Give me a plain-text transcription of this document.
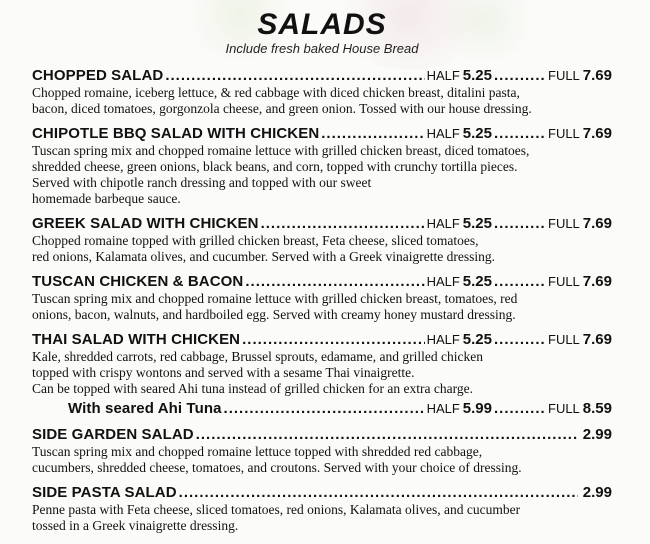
SALADS
Include fresh baked House Bread
CHOPPED SALAD .....	HALF 5.25 .....	FULL 7.69
Chopped romaine, iceberg lettuce, & red cabbage with diced chicken breast, ditalini pasta,
bacon, diced tomatoes, gorgonzola cheese, and green onion. Tossed with our house dressing.
CHIPOTLE BBQ SALAD WITH CHICKEN .....	HALF 5.25 .....	FULL 7.69
Tuscan spring mix and chopped romaine lettuce with grilled chicken breast, diced tomatoes,
shredded cheese, green onions, black beans, and corn, topped with crunchy tortilla pieces.
Served with chipotle ranch dressing and topped with our sweet
homemade barbeque sauce.
GREEK SALAD WITH CHICKEN .....	HALF 5.25 .....	FULL 7.69
Chopped romaine topped with grilled chicken breast, Feta cheese, sliced tomatoes,
red onions, Kalamata olives, and cucumber. Served with a Greek vinaigrette dressing.
TUSCAN CHICKEN & BACON .....	HALF 5.25 .....	FULL 7.69
Tuscan spring mix and chopped romaine lettuce with grilled chicken breast, tomatoes, red
onions, bacon, walnuts, and hardboiled egg. Served with creamy honey mustard dressing.
THAI SALAD WITH CHICKEN .....	HALF 5.25 .....	FULL 7.69
Kale, shredded carrots, red cabbage, Brussel sprouts, edamame, and grilled chicken
topped with crispy wontons and served with a sesame Thai vinaigrette.
Can be topped with seared Ahi tuna instead of grilled chicken for an extra charge.
With seared Ahi Tuna .....	HALF 5.99 .....	FULL 8.59
SIDE GARDEN SALAD .....	2.99
Tuscan spring mix and chopped romaine lettuce topped with shredded red cabbage,
cucumbers, shredded cheese, tomatoes, and croutons. Served with your choice of dressing.
SIDE PASTA SALAD .....	2.99
Penne pasta with Feta cheese, sliced tomatoes, red onions, Kalamata olives, and cucumber
tossed in a Greek vinaigrette dressing.
